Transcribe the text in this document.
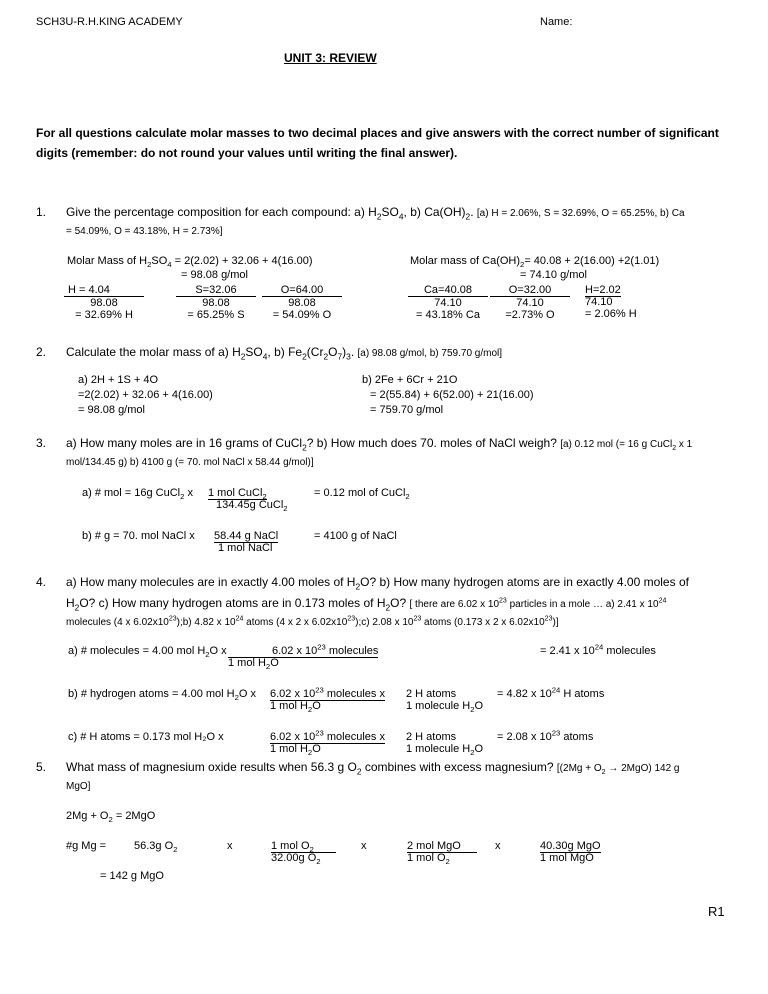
SCH3U-R.H.KING ACADEMY	Name:
UNIT 3: REVIEW
For all questions calculate molar masses to two decimal places and give answers with the correct number of significant digits (remember: do not round your values until writing the final answer).
1. Give the percentage composition for each compound: a) $H_2SO_4$, b) $Ca(OH)_2$. [a) H = 2.06%, S = 32.69%, O = 65.25%, b) Ca
= 54.09%, O = 43.18%, H = 2.73%]
Molar Mass of $H_2SO_4 = 2(2.02) + 32.06 + 4(16.00)$
= 98.08 g/mol
H = 4.04
98.08
= 32.69% H
S=32.06
98.08
= 65.25% S
O=64.00
98.08
= 54.09% O
Molar mass of $Ca(OH)_2= 40.08 + 2(16.00) +2(1.01)$
= 74.10 g/mol
Ca=40.08
74.10
= 43.18% Ca
O=32.00
74.10
=2.73% O
H=2.02
74.10
= 2.06% H
2. Calculate the molar mass of a) $H_2SO_4$, b) $Fe_2(Cr_2O_7)_3$. [a) 98.08 g/mol, b) 759.70 g/mol]
a) 2H + 1S + 4O
=2(2.02) + 32.06 + 4(16.00)
= 98.08 g/mol
b) 2Fe + 6Cr + 21O
= 2(55.84) + 6(52.00) + 21(16.00)
= 759.70 g/mol
3. a) How many moles are in 16 grams of CuCl$_2$? b) How much does 70. moles of NaCl weigh? [a) 0.12 mol (= 16 g CuCl$_2$ x 1
mol/134.45 g) b) 4100 g (= 70. mol NaCl x 58.44 g/mol)]
a) # mol = 16g CuCl$_2$ x 1 mol CuCl$_2$
134.45g CuCl$_2$
= 0.12 mol of CuCl$_2$
b) # g = 70. mol NaCl x 58.44 g NaCl
1 mol NaCl
= 4100 g of NaCl
4. a) How many molecules are in exactly 4.00 moles of $H_2O$? b) How many hydrogen atoms are in exactly 4.00 moles of
$H_2O$? c) How many hydrogen atoms are in 0.173 moles of $H_2O$? [ there are 6.02 x $10^{23}$ particles in a mole … a) 2.41 x $10^{24}$
molecules (4 x $6.02x10^{23});b$) 4.82 x $10^{24}$ atoms (4 x 2 x $6.02x10^{23});c$) 2.08 x $10^{23}$ atoms (0.173 x 2 x $6.02x10^{23}$)]
a) # molecules = 4.00 mol $H_2O$ x	6.02 x $10^{23}$ molecules
1 mol $H_2O$
= 2.41 x $10^{24}$ molecules
b) # hydrogen atoms = 4.00 mol $H_2O$ x 6.02 x $10^{23}$ molecules x
1 mol $H_2O$
2 H atoms
1 molecule $H_2O$
= 4.82 x $10^{24}$ H atoms
c) # H atoms = 0.173 mol H₂O x	6.02 x $10^{23}$ molecules x
1 mol $H_2O$
2 H atoms
1 molecule $H_2O$
= 2.08 x $10^{23}$ atoms
5. What mass of magnesium oxide results when 56.3 g $O_2$ combines with excess magnesium? [$(2Mg + O_2 \to 2MgO)$ 142 g
MgO]
$2Mg + O_2 = 2MgO$
#g Mg =	56.3g $O_2$	x	1 mol $O_2$
32.00g $O_2$
x	2 mol MgO
1 mol $O_2$
x	40.30g MgO
1 mol MgO
= 142 g MgO
R1
